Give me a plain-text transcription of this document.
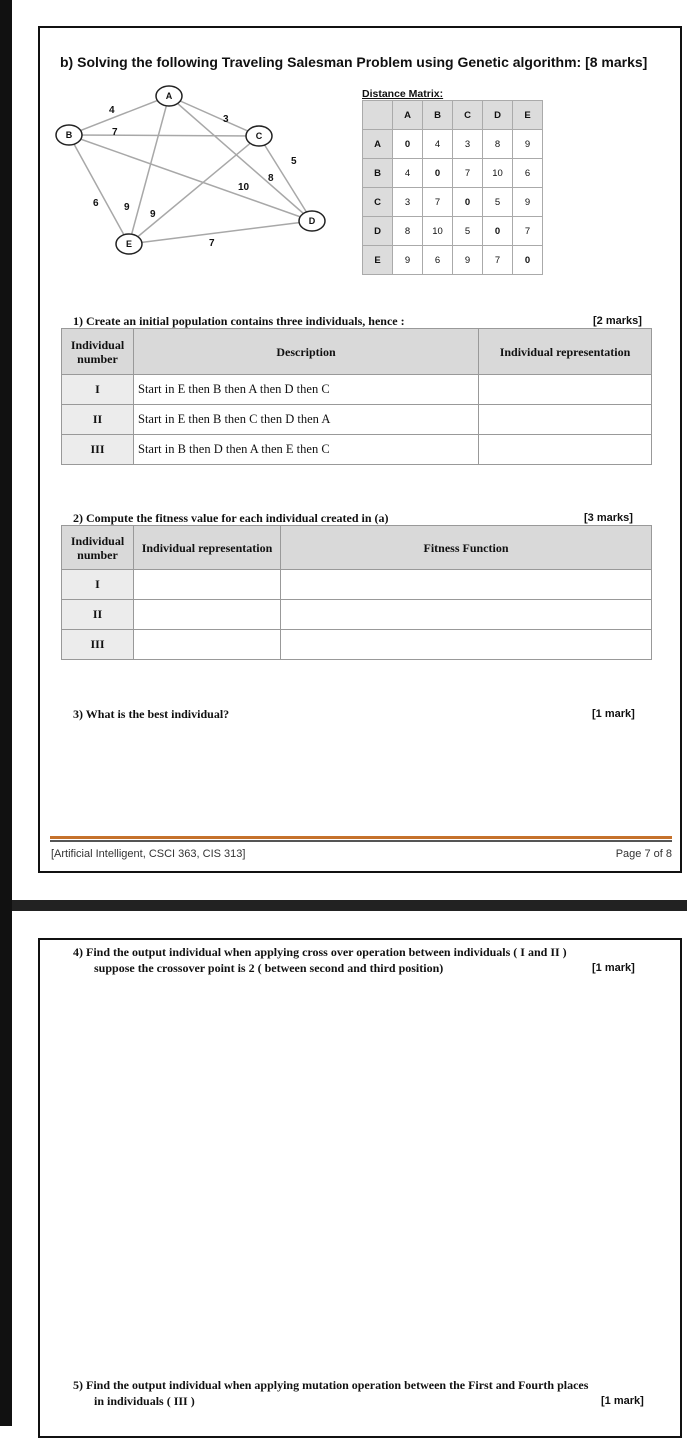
b) Solving the following Traveling Salesman Problem using Genetic algorithm: [8 marks]
A
B	C
D
E
4
7
3
5
10
8
6	9
9
7
Distance Matrix:
	A	B	C	D	E
A	0	4	3	8	9
B	4	0	7	10	6
C	3	7	0	5	9
D	8	10	5	0	7
E	9	6	9	7	0
1) Create an initial population contains three individuals, hence :	[2 marks]
Individual number	Description	Individual representation
I	Start in E then B then A then D then C	
II	Start in E then B then C then D then A	
III	Start in B then D then A then E then C	
2) Compute the fitness value for each individual created in (a)	[3 marks]
Individual number	Individual representation	Fitness Function
I		
II		
III		
3) What is the best individual?	[1 mark]
[Artificial Intelligent, CSCI 363, CIS 313]	Page 7 of 8
4) Find the output individual when applying cross over operation between individuals ( I and II )
suppose the crossover point is 2 ( between second and third position)	[1 mark]
5) Find the output individual when applying mutation operation between the First and Fourth places
in individuals ( III )	[1 mark]
